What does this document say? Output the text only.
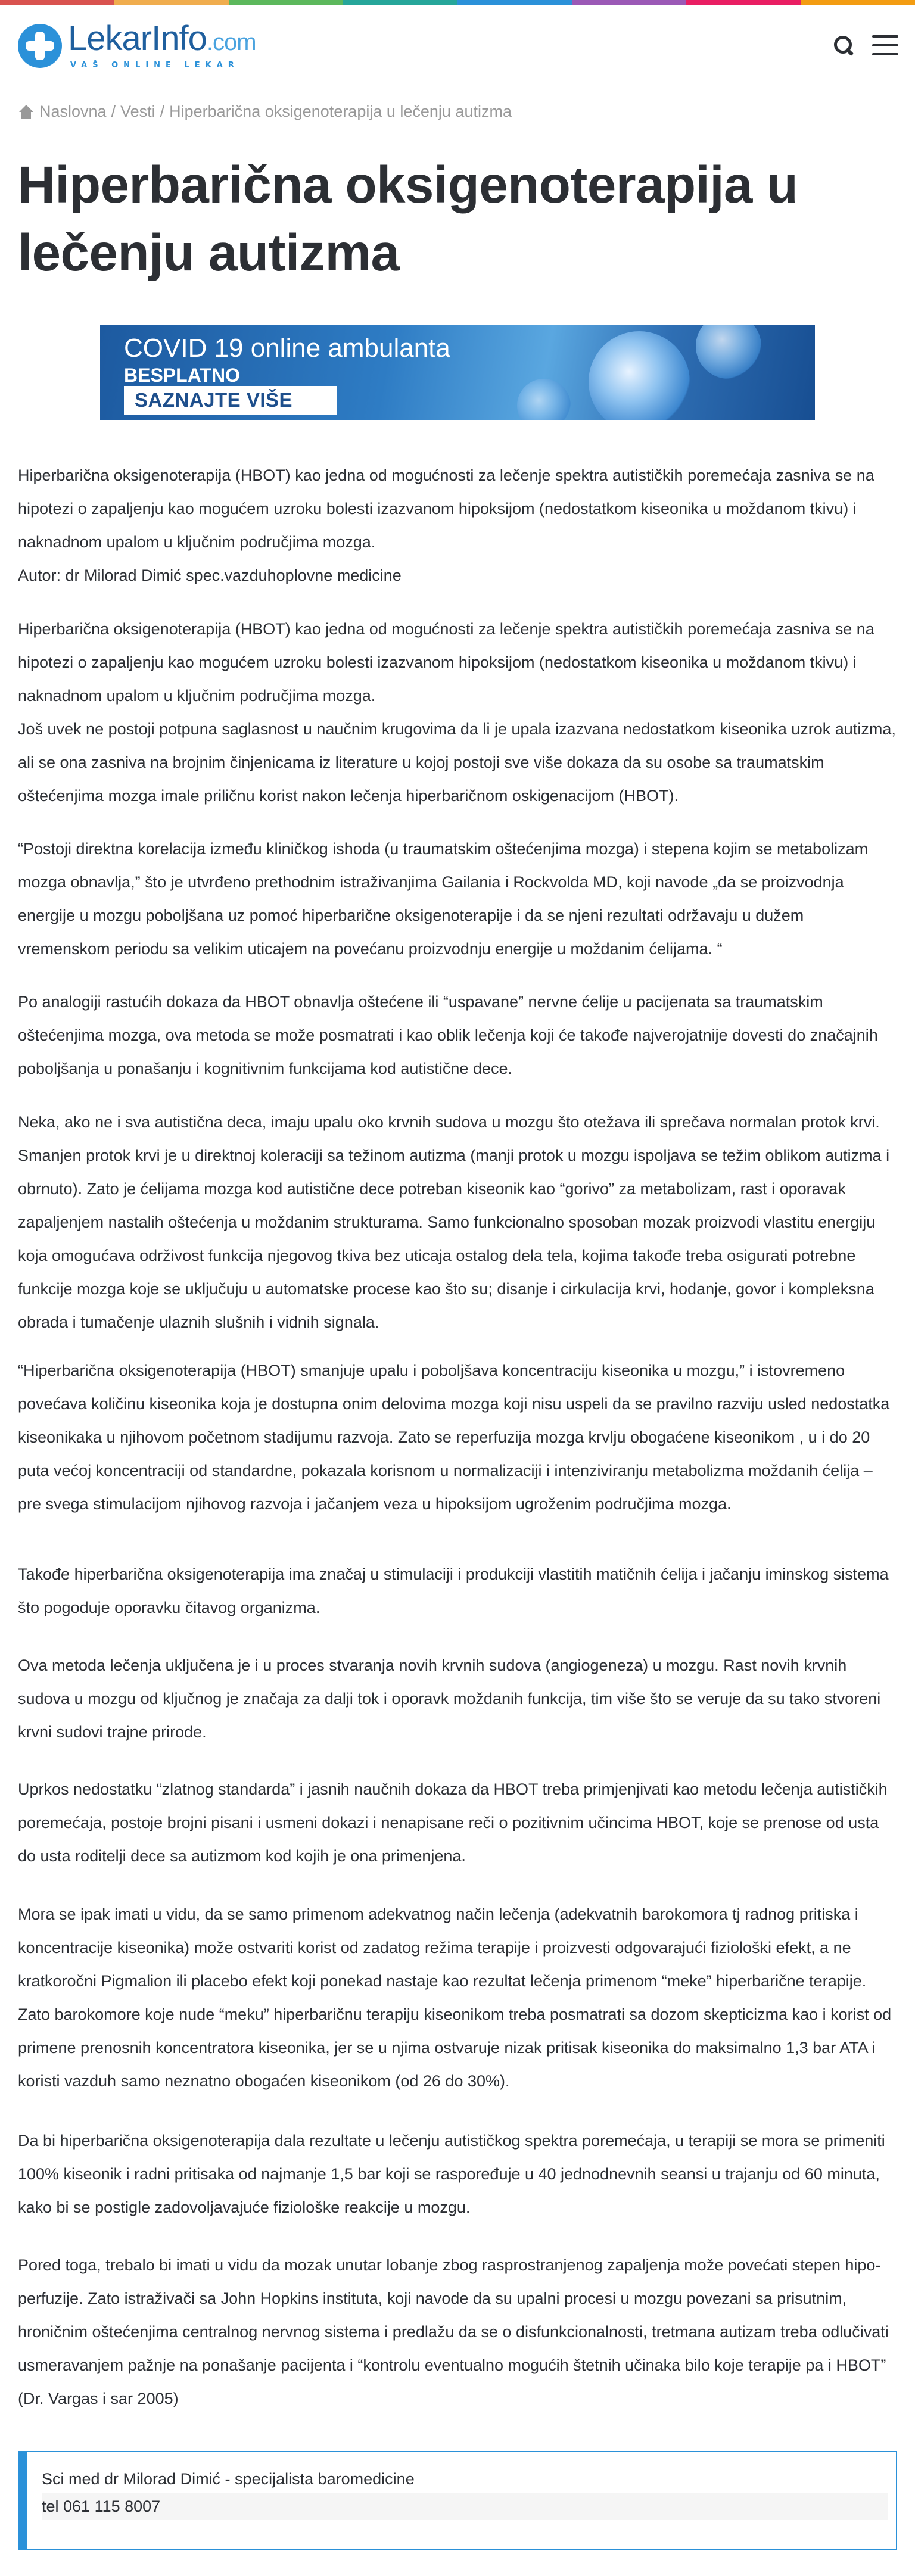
LekarInfo.com
VAŠ ONLINE LEKAR
Naslovna / Vesti / Hiperbarična oksigenoterapija u lečenju autizma
Hiperbarična oksigenoterapija u lečenju autizma
COVID 19 online ambulanta
BESPLATNO
SAZNAJTE VIŠE

Hiperbarična oksigenoterapija (HBOT) kao jedna od mogućnosti za lečenje spektra autističkih poremećaja zasniva se na hipotezi o zapaljenju kao mogućem uzroku bolesti izazvanom hipoksijom (nedostatkom kiseonika u moždanom tkivu) i naknadnom upalom u ključnim područjima mozga.

Autor: dr Milorad Dimić spec.vazduhoplovne medicine

Hiperbarična oksigenoterapija (HBOT) kao jedna od mogućnosti za lečenje spektra autističkih poremećaja zasniva se na hipotezi o zapaljenju kao mogućem uzroku bolesti izazvanom hipoksijom (nedostatkom kiseonika u moždanom tkivu) i naknadnom upalom u ključnim područjima mozga.

Još uvek ne postoji potpuna saglasnost u naučnim krugovima da li je upala izazvana nedostatkom kiseonika uzrok autizma, ali se ona zasniva na brojnim činjenicama iz literature u kojoj postoji sve više dokaza da su osobe sa traumatskim oštećenjima mozga imale priličnu korist nakon lečenja hiperbaričnom oskigenacijom (HBOT).

“Postoji direktna korelacija između kliničkog ishoda (u traumatskim oštećenjima mozga) i stepena kojim se metabolizam mozga obnavlja,” što je utvrđeno prethodnim istraživanjima Gailania i Rockvolda MD, koji navode „da se proizvodnja energije u mozgu poboljšana uz pomoć hiperbarične oksigenoterapije i da se njeni rezultati održavaju u dužem vremenskom periodu sa velikim uticajem na povećanu proizvodnju energije u moždanim ćelijama. “

Po analogiji rastućih dokaza da HBOT obnavlja oštećene ili “uspavane” nervne ćelije u pacijenata sa traumatskim oštećenjima mozga, ova metoda se može posmatrati i kao oblik lečenja koji će takođe najverojatnije dovesti do značajnih poboljšanja u ponašanju i kognitivnim funkcijama kod autistične dece.

Neka, ako ne i sva autistična deca, imaju upalu oko krvnih sudova u mozgu što otežava ili sprečava normalan protok krvi. Smanjen protok krvi je u direktnoj koleraciji sa težinom autizma (manji protok u mozgu ispoljava se težim oblikom autizma i obrnuto). Zato je ćelijama mozga kod autistične dece potreban kiseonik kao “gorivo” za metabolizam, rast i oporavak zapaljenjem nastalih oštećenja u moždanim strukturama. Samo funkcionalno sposoban mozak proizvodi vlastitu energiju koja omogućava održivost funkcija njegovog tkiva bez uticaja ostalog dela tela, kojima takođe treba osigurati potrebne funkcije mozga koje se uključuju u automatske procese kao što su; disanje i cirkulacija krvi, hodanje, govor i kompleksna obrada i tumačenje ulaznih slušnih i vidnih signala.

“Hiperbarična oksigenoterapija (HBOT) smanjuje upalu i poboljšava koncentraciju kiseonika u mozgu,” i istovremeno povećava količinu kiseonika koja je dostupna onim delovima mozga koji nisu uspeli da se pravilno razviju usled nedostatka kiseonikaka u njihovom početnom stadijumu razvoja. Zato se reperfuzija mozga krvlju obogaćene kiseonikom , u i do 20 puta većoj koncentraciji od standardne, pokazala korisnom u normalizaciji i intenziviranju metabolizma moždanih ćelija – pre svega stimulacijom njihovog razvoja i jačanjem veza u hipoksijom ugroženim područjima mozga.

Takođe hiperbarična oksigenoterapija ima značaj u stimulaciji i produkciji vlastitih matičnih ćelija i jačanju iminskog sistema što pogoduje oporavku čitavog organizma.

Ova metoda lečenja uključena je i u proces stvaranja novih krvnih sudova (angiogeneza) u mozgu. Rast novih krvnih sudova u mozgu od ključnog je značaja za dalji tok i oporavk moždanih funkcija, tim više što se veruje da su tako stvoreni krvni sudovi trajne prirode.

Uprkos nedostatku “zlatnog standarda” i jasnih naučnih dokaza da HBOT treba primjenjivati kao metodu lečenja autističkih poremećaja, postoje brojni pisani i usmeni dokazi i nenapisane reči o pozitivnim učincima HBOT, koje se prenose od usta do usta roditelji dece sa autizmom kod kojih je ona primenjena.

Mora se ipak imati u vidu, da se samo primenom adekvatnog način lečenja (adekvatnih barokomora tj radnog pritiska i koncentracije kiseonika) može ostvariti korist od zadatog režima terapije i proizvesti odgovarajući fiziološki efekt, a ne kratkoročni Pigmalion ili placebo efekt koji ponekad nastaje kao rezultat lečenja primenom “meke” hiperbarične terapije. Zato barokomore koje nude “meku” hiperbaričnu terapiju kiseonikom treba posmatrati sa dozom skepticizma kao i korist od primene prenosnih koncentratora kiseonika, jer se u njima ostvaruje nizak pritisak kiseonika do maksimalno 1,3 bar ATA i koristi vazduh samo neznatno obogaćen kiseonikom (od 26 do 30%).

Da bi hiperbarična oksigenoterapija dala rezultate u lečenju autističkog spektra poremećaja, u terapiji se mora se primeniti 100% kiseonik i radni pritisaka od najmanje 1,5 bar koji se raspoređuje u 40 jednodnevnih seansi u trajanju od 60 minuta, kako bi se postigle zadovoljavajuće fiziološke reakcije u mozgu.

Pored toga, trebalo bi imati u vidu da mozak unutar lobanje zbog rasprostranjenog zapaljenja može povećati stepen hipo-perfuzije. Zato istraživači sa John Hopkins instituta, koji navode da su upalni procesi u mozgu povezani sa prisutnim, hroničnim oštećenjima centralnog nervnog sistema i predlažu da se o disfunkcionalnosti, tretmana autizam treba odlučivati usmeravanjem pažnje na ponašanje pacijenta i “kontrolu eventualno mogućih štetnih učinaka bilo koje terapije pa i HBOT” (Dr. Vargas i sar 2005)

Sci med dr Milorad Dimić - specijalista baromedicine
tel 061 115 8007
